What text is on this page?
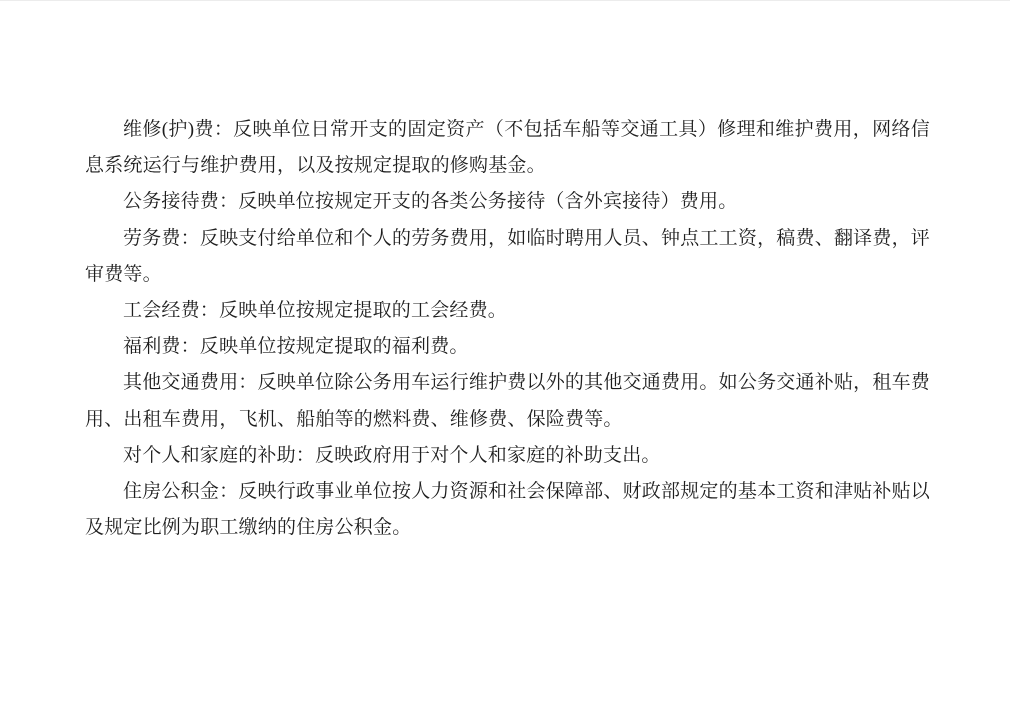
维修(护)费：反映单位日常开支的固定资产（不包括车船等交通工具）修理和维护费用，网络信息系统运行与维护费用，以及按规定提取的修购基金。

公务接待费：反映单位按规定开支的各类公务接待（含外宾接待）费用。

劳务费：反映支付给单位和个人的劳务费用，如临时聘用人员、钟点工工资，稿费、翻译费，评审费等。

工会经费：反映单位按规定提取的工会经费。

福利费：反映单位按规定提取的福利费。

其他交通费用：反映单位除公务用车运行维护费以外的其他交通费用。如公务交通补贴，租车费用、出租车费用，飞机、船舶等的燃料费、维修费、保险费等。

对个人和家庭的补助：反映政府用于对个人和家庭的补助支出。

住房公积金：反映行政事业单位按人力资源和社会保障部、财政部规定的基本工资和津贴补贴以及规定比例为职工缴纳的住房公积金。
